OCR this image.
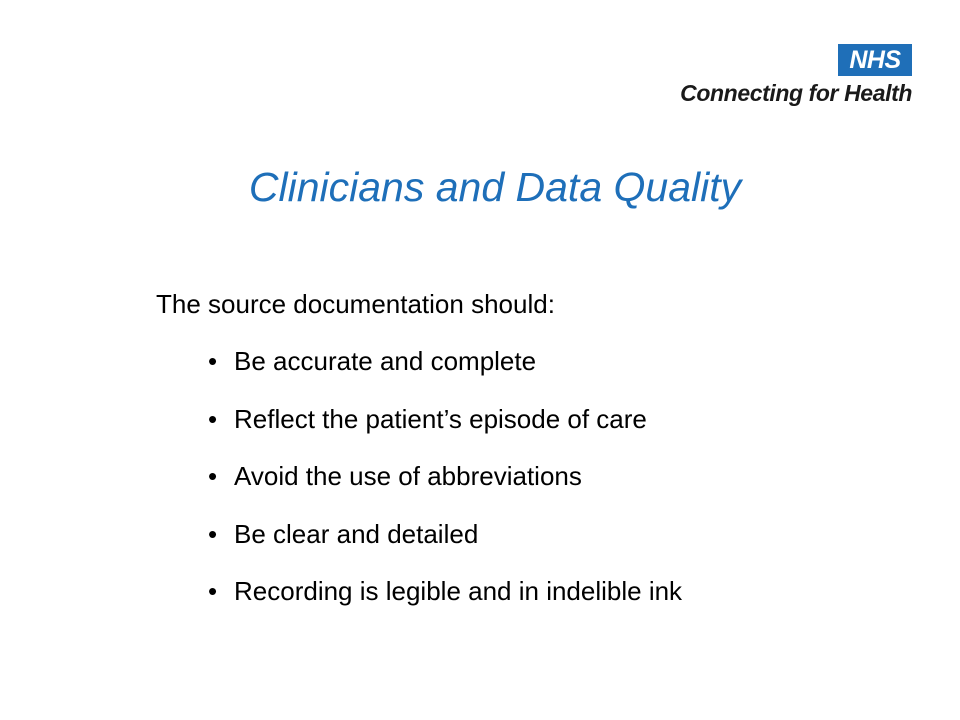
NHS
Connecting for Health
Clinicians and Data Quality
The source documentation should:
• Be accurate and complete
• Reflect the patient’s episode of care
• Avoid the use of abbreviations
• Be clear and detailed
• Recording is legible and in indelible ink
